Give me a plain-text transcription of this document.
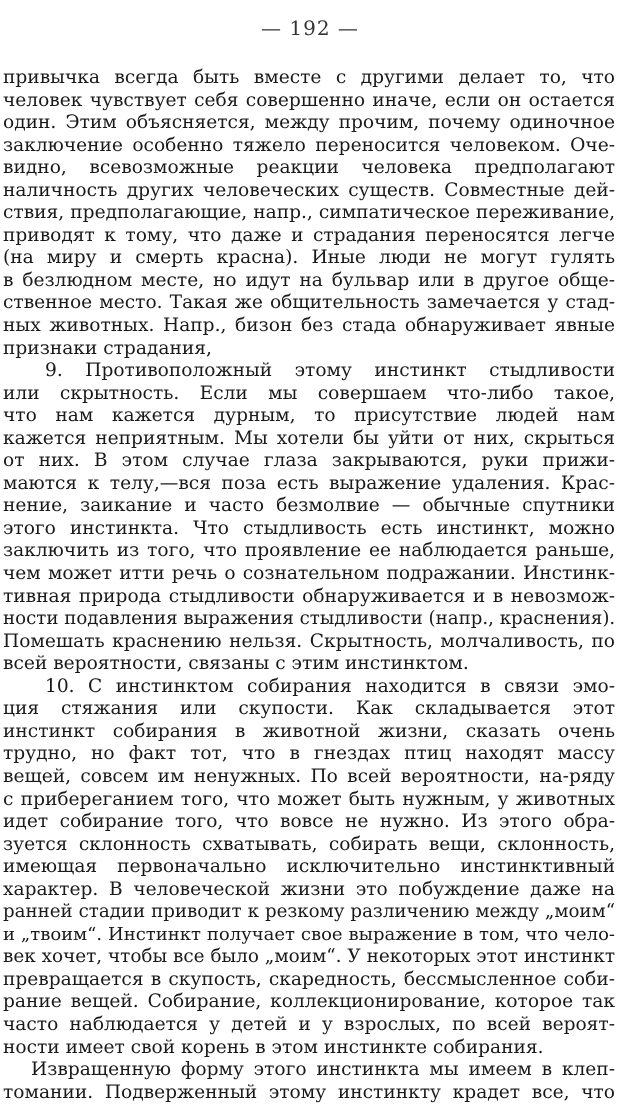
— 192 —
привычка всегда быть вместе с другими делает то, что
человек чувствует себя совершенно иначе, если он остается
один. Этим объясняется, между прочим, почему одиночное
заключение особенно тяжело переносится человеком. Оче-
видно, всевозможные реакции человека предполагают
наличность других человеческих существ. Совместные дей-
ствия, предполагающие, напр., симпатическое переживание,
приводят к тому, что даже и страдания переносятся легче
(на миру и смерть красна). Иные люди не могут гулять
в безлюдном месте, но идут на бульвар или в другое обще-
ственное место. Такая же общительность замечается у стад-
ных животных. Напр., бизон без стада обнаруживает явные
признаки страдания,
9. Противоположный этому инстинкт стыдливости
или скрытность. Если мы совершаем что-либо такое,
что нам кажется дурным, то присутствие людей нам
кажется неприятным. Мы хотели бы уйти от них, скрыться
от них. В этом случае глаза закрываются, руки прижи-
маются к телу,—вся поза есть выражение удаления. Крас-
нение, заикание и часто безмолвие — обычные спутники
этого инстинкта. Что стыдливость есть инстинкт, можно
заключить из того, что проявление ее наблюдается раньше,
чем может итти речь о сознательном подражании. Инстинк-
тивная природа стыдливости обнаруживается и в невозмож-
ности подавления выражения стыдливости (напр., краснения).
Помешать краснению нельзя. Скрытность, молчаливость, по
всей вероятности, связаны с этим инстинктом.
10. С инстинктом собирания находится в связи эмо-
ция стяжания или скупости. Как складывается этот
инстинкт собирания в животной жизни, сказать очень
трудно, но факт тот, что в гнездах птиц находят массу
вещей, совсем им ненужных. По всей вероятности, на-ряду
с прибереганием того, что может быть нужным, у животных
идет собирание того, что вовсе не нужно. Из этого обра-
зуется склонность схватывать, собирать вещи, склонность,
имеющая первоначально исключительно инстинктивный
характер. В человеческой жизни это побуждение даже на
ранней стадии приводит к резкому различению между „моим“
и „твоим“. Инстинкт получает свое выражение в том, что чело-
век хочет, чтобы все было „моим“. У некоторых этот инстинкт
превращается в скупость, скаредность, бессмысленное соби-
рание вещей. Собирание, коллекционирование, которое так
часто наблюдается у детей и у взрослых, по всей вероят-
ности имеет свой корень в этом инстинкте собирания.
Извращенную форму этого инстинкта мы имеем в клеп-
томании. Подверженный этому инстинкту крадет все, что
